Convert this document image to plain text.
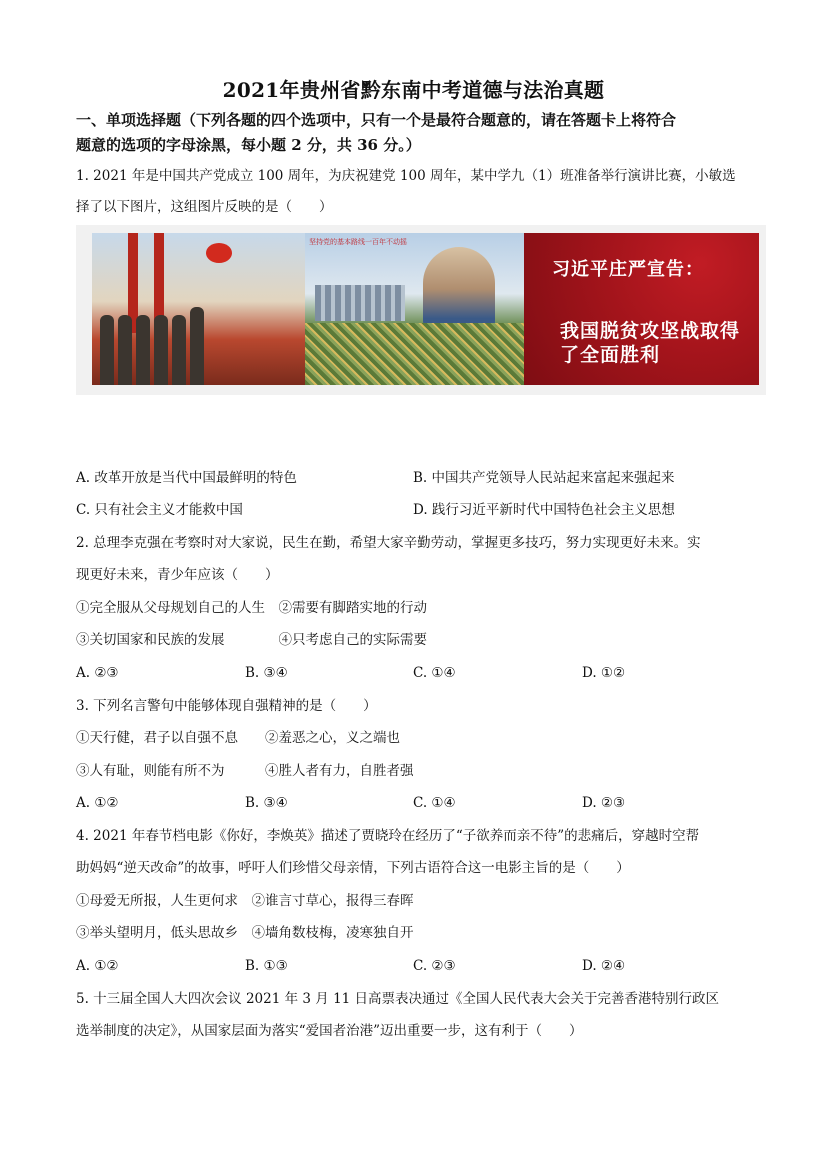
2021年贵州省黔东南中考道德与法治真题
一、单项选择题（下列各题的四个选项中，只有一个是最符合题意的，请在答题卡上将符合
题意的选项的字母涂黑，每小题 2 分，共 36 分。）
1. 2021 年是中国共产党成立 100 周年，为庆祝建党 100 周年，某中学九（1）班准备举行演讲比赛，小敏选
择了以下图片，这组图片反映的是（　　）
坚持党的基本路线一百年不动摇
习近平庄严宣告：
我国脱贫攻坚战取得了全面胜利
A. 改革开放是当代中国最鲜明的特色	B. 中国共产党领导人民站起来富起来强起来
C. 只有社会主义才能救中国	D. 践行习近平新时代中国特色社会主义思想
2. 总理李克强在考察时对大家说，民生在勤，希望大家辛勤劳动，掌握更多技巧，努力实现更好未来。实
现更好未来，青少年应该（　　）
①完全服从父母规划自己的人生　②需要有脚踏实地的行动
③关切国家和民族的发展　　　　④只考虑自己的实际需要
A. ②③	B. ③④	C. ①④	D. ①②
3. 下列名言警句中能够体现自强精神的是（　　）
①天行健，君子以自强不息　　②羞恶之心，义之端也
③人有耻，则能有所不为　　　④胜人者有力，自胜者强
A. ①②	B. ③④	C. ①④	D. ②③
4. 2021 年春节档电影《你好，李焕英》描述了贾晓玲在经历了“子欲养而亲不待”的悲痛后，穿越时空帮
助妈妈“逆天改命”的故事，呼吁人们珍惜父母亲情，下列古语符合这一电影主旨的是（　　）
①母爱无所报，人生更何求　②谁言寸草心，报得三春晖
③举头望明月，低头思故乡　④墙角数枝梅，凌寒独自开
A. ①②	B. ①③	C. ②③	D. ②④
5. 十三届全国人大四次会议 2021 年 3 月 11 日高票表决通过《全国人民代表大会关于完善香港特别行政区
选举制度的决定》，从国家层面为落实“爱国者治港”迈出重要一步，这有利于（　　）
